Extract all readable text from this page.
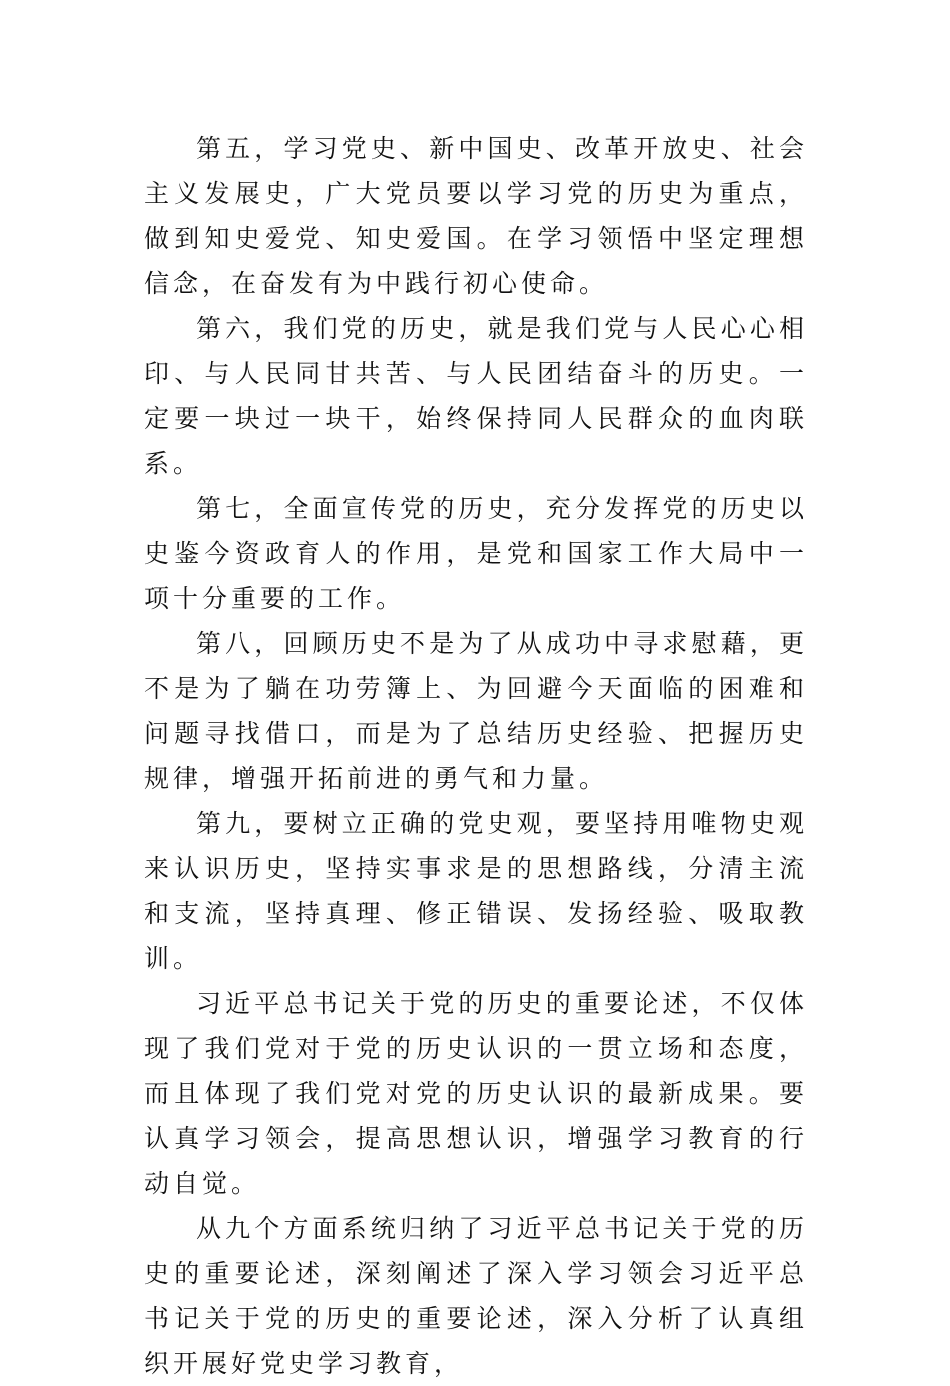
第五，学习党史、新中国史、改革开放史、社会主义发展史，广大党员要以学习党的历史为重点，做到知史爱党、知史爱国。在学习领悟中坚定理想信念，在奋发有为中践行初心使命。

第六，我们党的历史，就是我们党与人民心心相印、与人民同甘共苦、与人民团结奋斗的历史。一定要一块过一块干，始终保持同人民群众的血肉联系。

第七，全面宣传党的历史，充分发挥党的历史以史鉴今资政育人的作用，是党和国家工作大局中一项十分重要的工作。

第八，回顾历史不是为了从成功中寻求慰藉，更不是为了躺在功劳簿上、为回避今天面临的困难和问题寻找借口，而是为了总结历史经验、把握历史规律，增强开拓前进的勇气和力量。

第九，要树立正确的党史观，要坚持用唯物史观来认识历史，坚持实事求是的思想路线，分清主流和支流，坚持真理、修正错误、发扬经验、吸取教训。

习近平总书记关于党的历史的重要论述，不仅体现了我们党对于党的历史认识的一贯立场和态度，而且体现了我们党对党的历史认识的最新成果。要认真学习领会，提高思想认识，增强学习教育的行动自觉。

从九个方面系统归纳了习近平总书记关于党的历史的重要论述，深刻阐述了深入学习领会习近平总书记关于党的历史的重要论述，深入分析了认真组织开展好党史学习教育，
